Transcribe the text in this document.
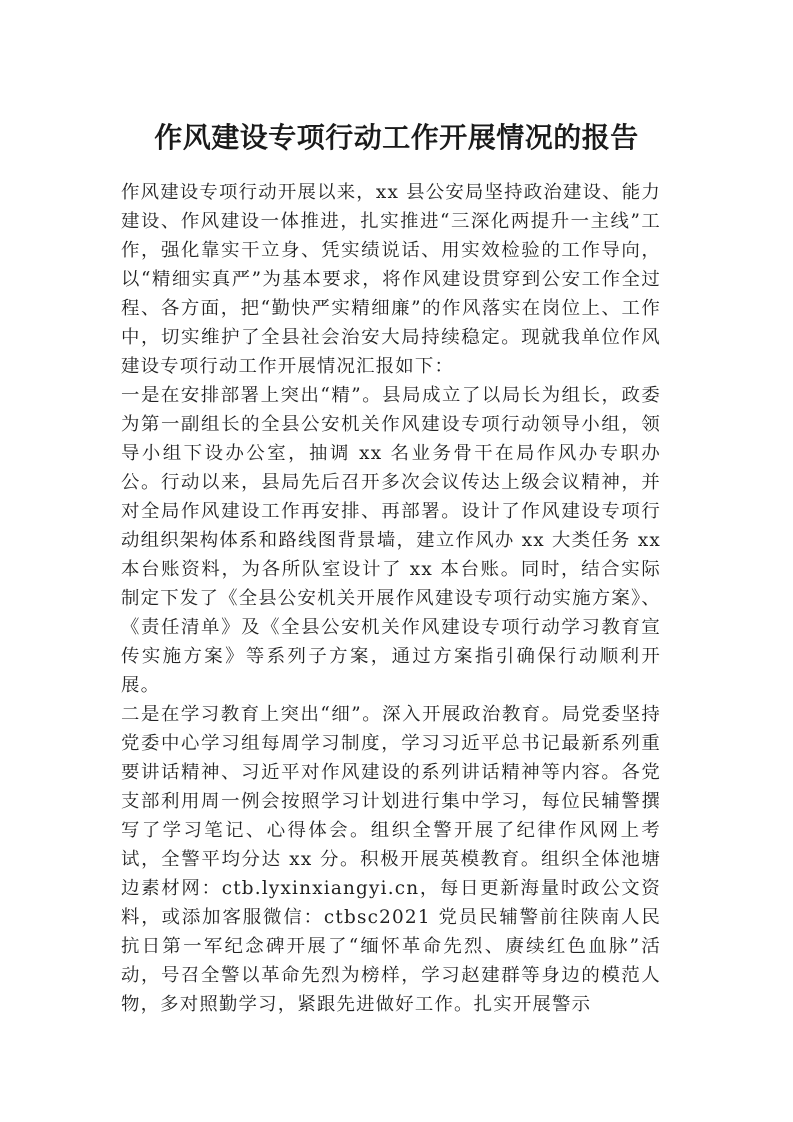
作风建设专项行动工作开展情况的报告

作风建设专项行动开展以来，xx 县公安局坚持政治建设、能力建设、作风建设一体推进，扎实推进“三深化两提升一主线”工作，强化靠实干立身、凭实绩说话、用实效检验的工作导向，以“精细实真严”为基本要求，将作风建设贯穿到公安工作全过程、各方面，把“勤快严实精细廉”的作风落实在岗位上、工作中，切实维护了全县社会治安大局持续稳定。现就我单位作风建设专项行动工作开展情况汇报如下：

一是在安排部署上突出“精”。县局成立了以局长为组长，政委为第一副组长的全县公安机关作风建设专项行动领导小组，领导小组下设办公室，抽调 xx 名业务骨干在局作风办专职办公。行动以来，县局先后召开多次会议传达上级会议精神，并对全局作风建设工作再安排、再部署。设计了作风建设专项行动组织架构体系和路线图背景墙，建立作风办 xx 大类任务 xx 本台账资料，为各所队室设计了 xx 本台账。同时，结合实际制定下发了《全县公安机关开展作风建设专项行动实施方案》、《责任清单》及《全县公安机关作风建设专项行动学习教育宣传实施方案》等系列子方案，通过方案指引确保行动顺利开展。

二是在学习教育上突出“细”。深入开展政治教育。局党委坚持党委中心学习组每周学习制度，学习习近平总书记最新系列重要讲话精神、习近平对作风建设的系列讲话精神等内容。各党支部利用周一例会按照学习计划进行集中学习，每位民辅警撰写了学习笔记、心得体会。组织全警开展了纪律作风网上考试，全警平均分达 xx 分。积极开展英模教育。组织全体池塘边素材网：ctb.lyxinxiangyi.cn，每日更新海量时政公文资料，或添加客服微信：ctbsc2021 党员民辅警前往陕南人民抗日第一军纪念碑开展了“缅怀革命先烈、赓续红色血脉”活动，号召全警以革命先烈为榜样，学习赵建群等身边的模范人物，多对照勤学习，紧跟先进做好工作。扎实开展警示
